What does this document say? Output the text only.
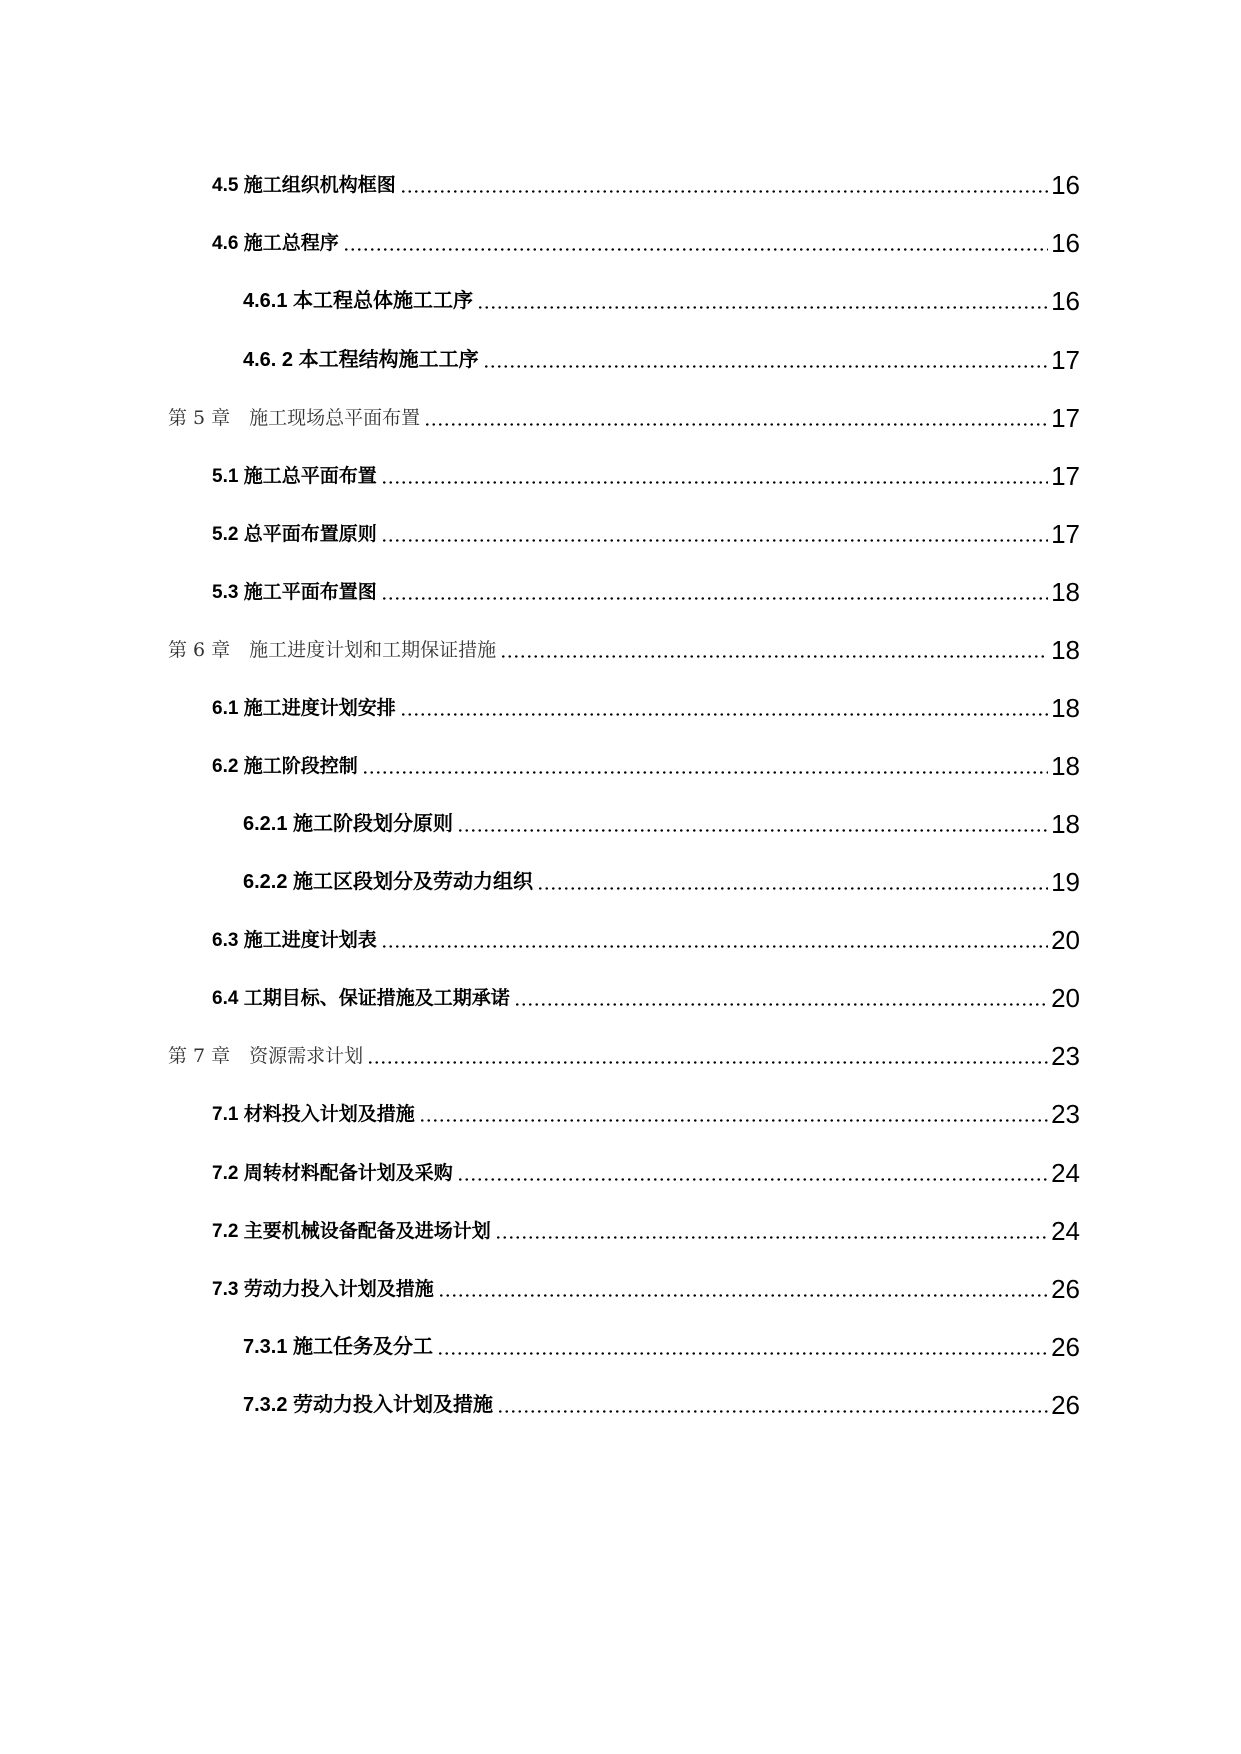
4.5 施工组织机构框图	16
4.6 施工总程序	16
4.6.1 本工程总体施工工序	16
4.6. 2 本工程结构施工工序	17
第 5 章　施工现场总平面布置	17
5.1 施工总平面布置	17
5.2 总平面布置原则	17
5.3 施工平面布置图	18
第 6 章　施工进度计划和工期保证措施	18
6.1 施工进度计划安排	18
6.2 施工阶段控制	18
6.2.1 施工阶段划分原则	18
6.2.2 施工区段划分及劳动力组织	19
6.3 施工进度计划表	20
6.4 工期目标、保证措施及工期承诺	20
第 7 章　资源需求计划	23
7.1 材料投入计划及措施	23
7.2 周转材料配备计划及采购	24
7.2 主要机械设备配备及进场计划	24
7.3 劳动力投入计划及措施	26
7.3.1 施工任务及分工	26
7.3.2 劳动力投入计划及措施	26
